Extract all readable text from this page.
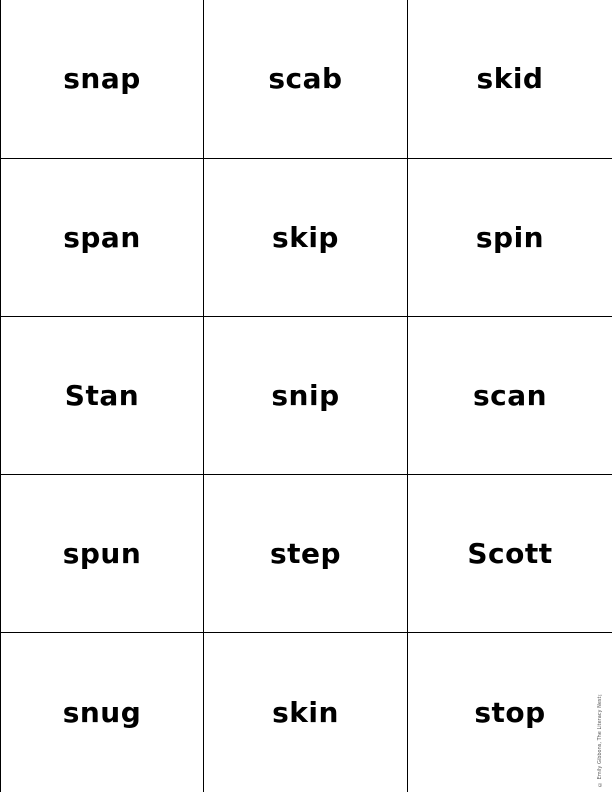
snap	scab	skid
span	skip	spin
Stan	snip	scan
spun	step	Scott
snug	skin	stop	© Emily Gibbons, The Literacy Nest™
